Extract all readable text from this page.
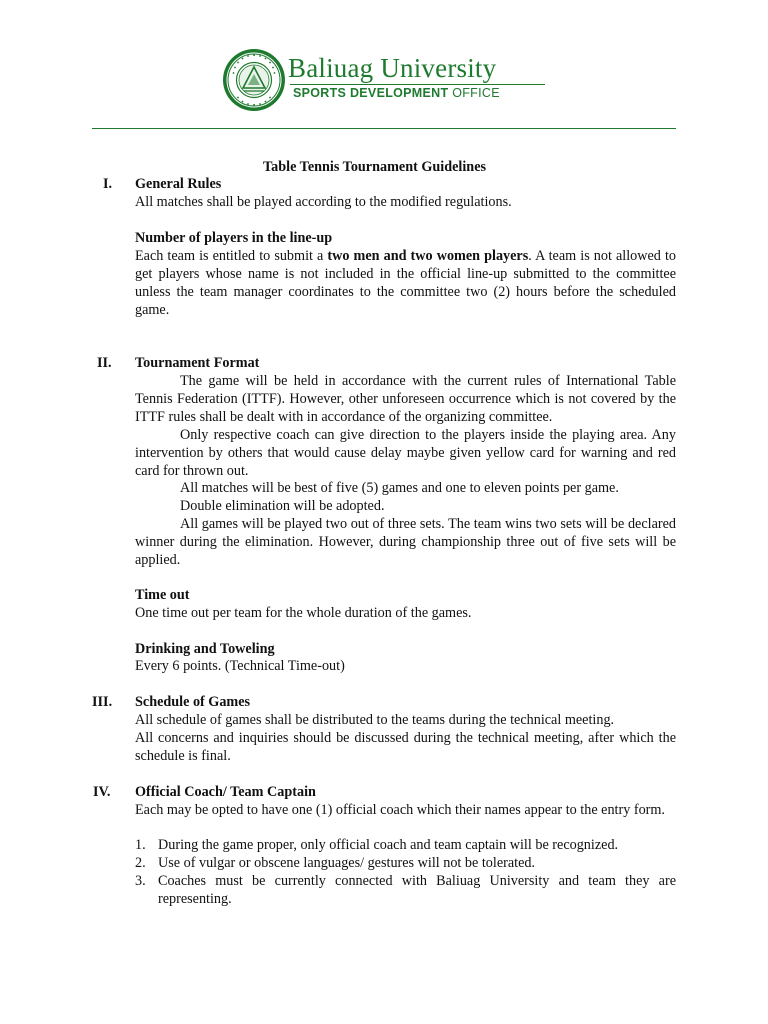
Baliuag University
SPORTS DEVELOPMENT OFFICE
Table Tennis Tournament Guidelines
I. General Rules
All matches shall be played according to the modified regulations.
Number of players in the line-up
Each team is entitled to submit a two men and two women players. A team is not allowed to get players whose name is not included in the official line-up submitted to the committee unless the team manager coordinates to the committee two (2) hours before the scheduled game.
II. Tournament Format
The game will be held in accordance with the current rules of International Table Tennis Federation (ITTF). However, other unforeseen occurrence which is not covered by the ITTF rules shall be dealt with in accordance of the organizing committee.
Only respective coach can give direction to the players inside the playing area. Any intervention by others that would cause delay maybe given yellow card for warning and red card for thrown out.
All matches will be best of five (5) games and one to eleven points per game.
Double elimination will be adopted.
All games will be played two out of three sets. The team wins two sets will be declared winner during the elimination. However, during championship three out of five sets will be applied.
Time out
One time out per team for the whole duration of the games.
Drinking and Toweling
Every 6 points. (Technical Time-out)
III. Schedule of Games
All schedule of games shall be distributed to the teams during the technical meeting.
All concerns and inquiries should be discussed during the technical meeting, after which the schedule is final.
IV. Official Coach/ Team Captain
Each may be opted to have one (1) official coach which their names appear to the entry form.
1. During the game proper, only official coach and team captain will be recognized.
2. Use of vulgar or obscene languages/ gestures will not be tolerated.
3. Coaches must be currently connected with Baliuag University and team they are representing.
